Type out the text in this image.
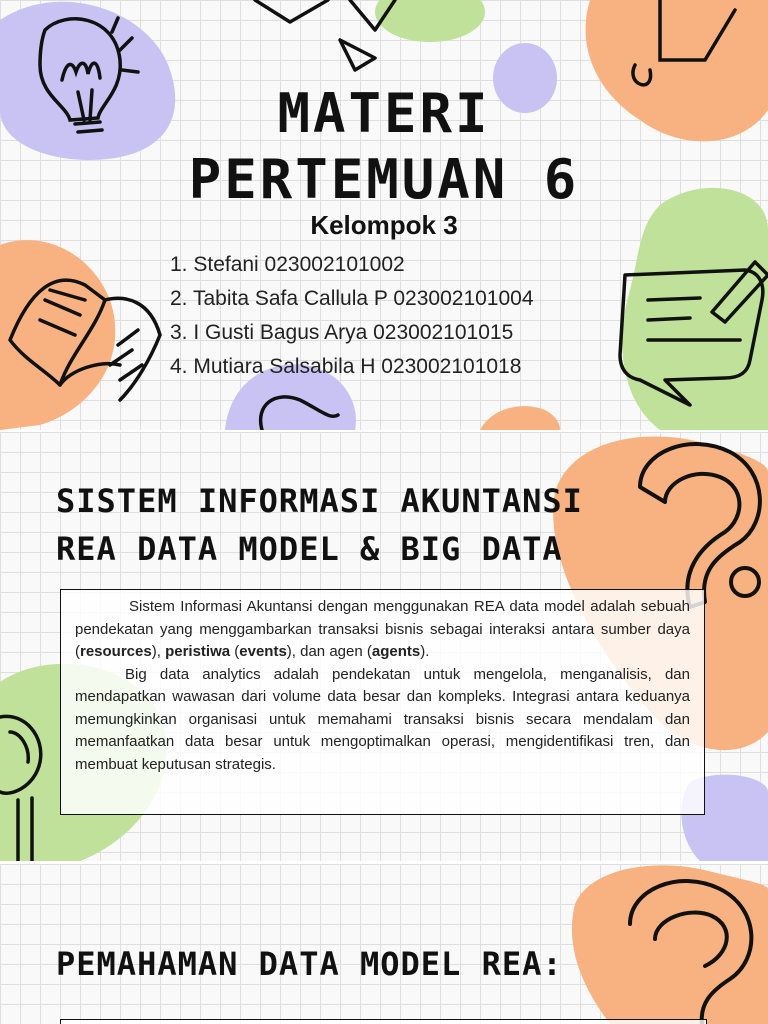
MATERI
PERTEMUAN 6
Kelompok 3
1. Stefani 023002101002
2. Tabita Safa Callula P 023002101004
3. I Gusti Bagus Arya 023002101015
4. Mutiara Salsabila H 023002101018
SISTEM INFORMASI AKUNTANSI
REA DATA MODEL & BIG DATA

Sistem Informasi Akuntansi dengan menggunakan REA data model adalah sebuah pendekatan yang menggambarkan transaksi bisnis sebagai interaksi antara sumber daya (resources), peristiwa (events), dan agen (agents).

Big data analytics adalah pendekatan untuk mengelola, menganalisis, dan mendapatkan wawasan dari volume data besar dan kompleks. Integrasi antara keduanya memungkinkan organisasi untuk memahami transaksi bisnis secara mendalam dan memanfaatkan data besar untuk mengoptimalkan operasi, mengidentifikasi tren, dan membuat keputusan strategis.

PEMAHAMAN DATA MODEL REA:
